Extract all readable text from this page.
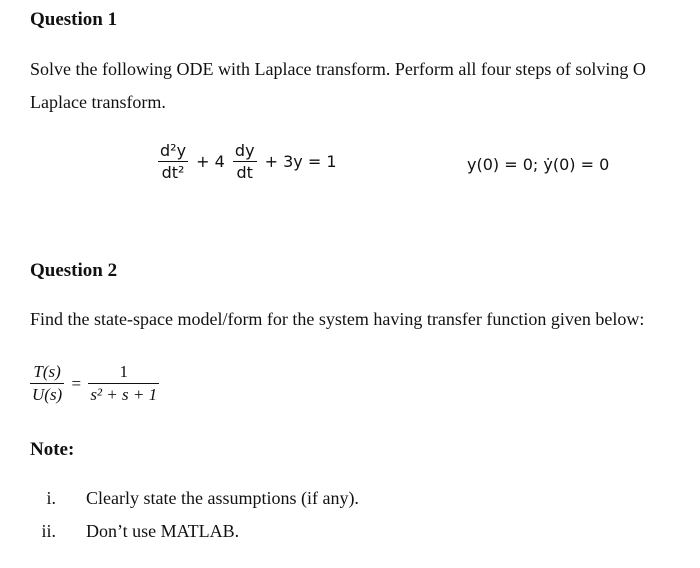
Question 1
Solve the following ODE with Laplace transform. Perform all four steps of solving O
Laplace transform.
$\frac{\text{d²y}}{\text{dt²}} + 4 \frac{dy}{dt} + 3y = 1$	y(0) = 0; ẏ(0) = 0
Question 2
Find the state-space model/form for the system having transfer function given below:
$\frac{T(s)}{U(s)} = \frac{1}{\text{s² + s + 1}}$
Note:
i. Clearly state the assumptions (if any).
ii. Don’t use MATLAB.
